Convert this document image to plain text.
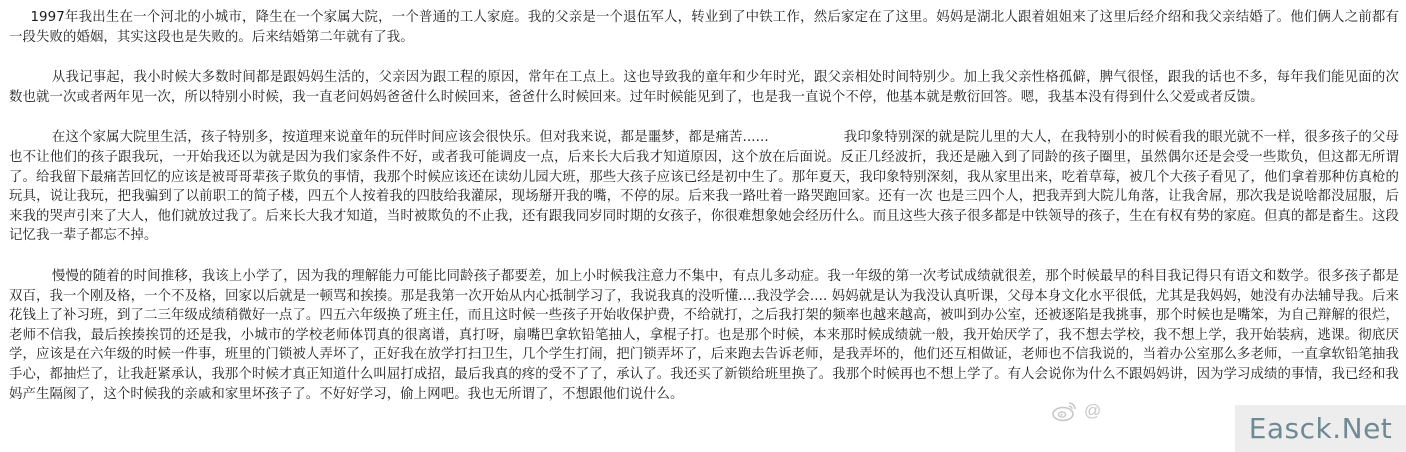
1997年我出生在一个河北的小城市，降生在一个家属大院，一个普通的工人家庭。我的父亲是一个退伍军人，转业到了中铁工作，然后家定在了这里。妈妈是湖北人跟着姐姐来了这里后经介绍和我父亲结婚了。他们俩人之前都有一段失败的婚姻，其实这段也是失败的。后来结婚第二年就有了我。

从我记事起，我小时候大多数时间都是跟妈妈生活的，父亲因为跟工程的原因，常年在工点上。这也导致我的童年和少年时光，跟父亲相处时间特别少。加上我父亲性格孤僻，脾气很怪，跟我的话也不多，每年我们能见面的次数也就一次或者两年见一次，所以特别小时候，我一直老问妈妈爸爸什么时候回来，爸爸什么时候回来。过年时候能见到了，也是我一直说个不停，他基本就是敷衍回答。嗯，我基本没有得到什么父爱或者反馈。

在这个家属大院里生活，孩子特别多，按道理来说童年的玩伴时间应该会很快乐。但对我来说，都是噩梦，都是痛苦......	我印象特别深的就是院儿里的大人，在我特别小的时候看我的眼光就不一样，很多孩子的父母也不让他们的孩子跟我玩，一开始我还以为就是因为我们家条件不好，或者我可能调皮一点，后来长大后我才知道原因，这个放在后面说。反正几经波折，我还是融入到了同龄的孩子圈里，虽然偶尔还是会受一些欺负，但这都无所谓了。给我留下最痛苦回忆的应该是被哥哥辈孩子欺负的事情，我那个时候应该还在读幼儿园大班，那些大孩子应该已经是初中生了。那年夏天，我印象特别深刻，我从家里出来，吃着草莓，被几个大孩子看见了，他们拿着那种仿真枪的玩具，说让我玩，把我骗到了以前职工的简子楼，四五个人按着我的四肢给我灌尿，现场掰开我的嘴，不停的尿。后来我一路吐着一路哭跑回家。还有一次 也是三四个人，把我弄到大院儿角落，让我舍屌，那次我是说啥都没屈服，后来我的哭声引来了大人，他们就放过我了。后来长大我才知道，当时被欺负的不止我，还有跟我同岁同时期的女孩子，你很难想象她会经历什么。而且这些大孩子很多都是中铁领导的孩子，生在有权有势的家庭。但真的都是畜生。这段记忆我一辈子都忘不掉。

慢慢的随着的时间推移，我该上小学了，因为我的理解能力可能比同龄孩子都要差，加上小时候我注意力不集中，有点儿多动症。我一年级的第一次考试成绩就很差，那个时候最早的科目我记得只有语文和数学。很多孩子都是双百，我一个刚及格，一个不及格，回家以后就是一顿骂和挨揍。那是我第一次开始从内心抵制学习了，我说我真的没听懂....我没学会.... 妈妈就是认为我没认真听课，父母本身文化水平很低，尤其是我妈妈，她没有办法辅导我。后来花钱上了补习班，到了二三年级成绩稍微好一点了。四五六年级换了班主任，而且这时候一些孩子开始收保护费，不给就打，之后我打架的频率也越来越高，被叫到办公室，还被逐陷是我挑事，那个时候也是嘴笨，为自己辩解的很烂，老师不信我，最后挨揍挨罚的还是我，小城市的学校老师体罚真的很离谱，真打呀，扇嘴巴拿软铅笔抽人，拿棍子打。也是那个时候，本来那时候成绩就一般，我开始厌学了，我不想去学校，我不想上学，我开始装病，逃课。彻底厌学，应该是在六年级的时候一件事，班里的门锁被人弄坏了，正好我在放学打扫卫生，几个学生打闹，把门锁弄坏了，后来跑去告诉老师，是我弄坏的，他们还互相做证，老师也不信我说的，当着办公室那么多老师，一直拿软铅笔抽我手心，都抽烂了，让我赶紧承认，我那个时候才真正知道什么叫屈打成招，最后我真的疼的受不了了，承认了。我还买了新锁给班里换了。我那个时候再也不想上学了。有人会说你为什么不跟妈妈讲，因为学习成绩的事情，我已经和我妈产生隔阂了，这个时候我的亲戚和家里坏孩子了。不好好学习，偷上网吧。我也无所谓了，不想跟他们说什么。

@
Easck.Net
